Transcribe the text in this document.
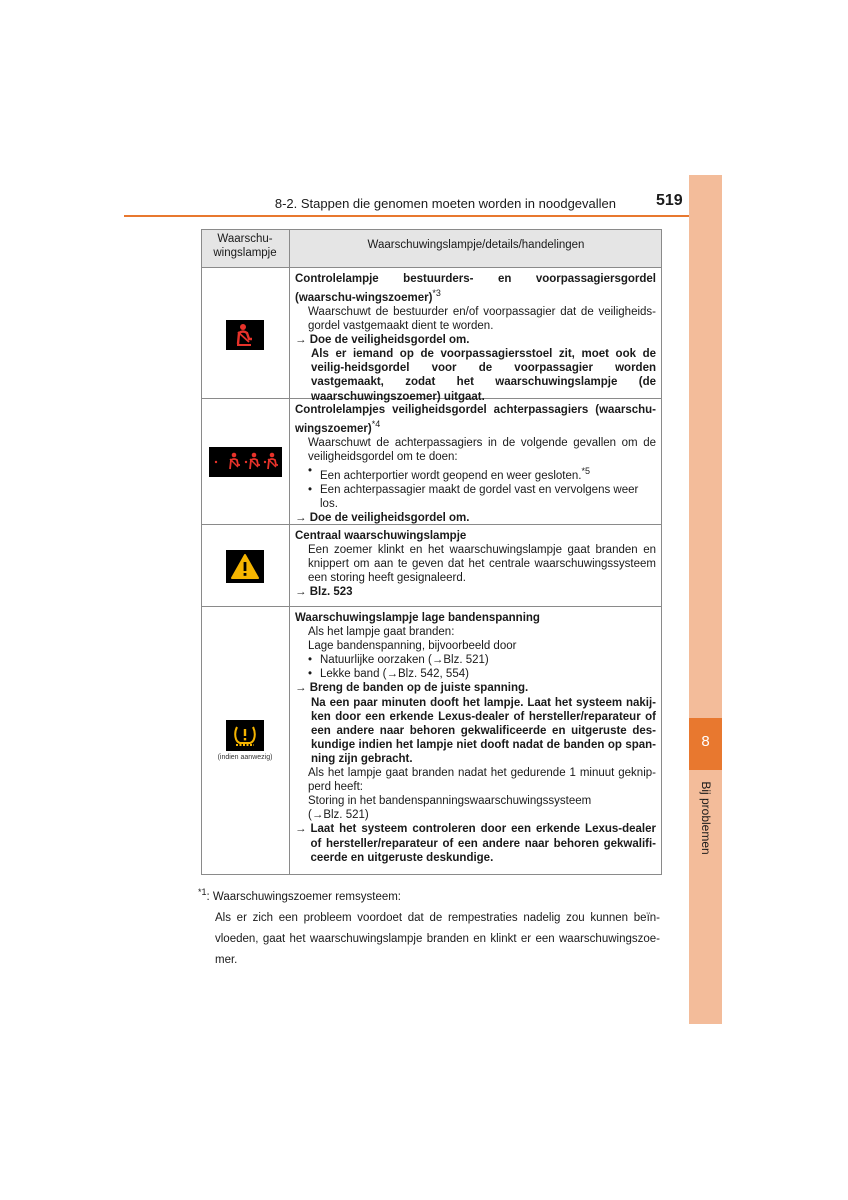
8-2. Stappen die genomen moeten worden in noodgevallen	519
8
Bij problemen
Waarschu-
wingslampje
Waarschuwingslampje/details/handelingen
(indien aanwezig)
Controlelampje bestuurders- en voorpassagiersgordel (waarschu-wingszoemer)$^{*3}$
Waarschuwt de bestuurder en/of voorpassagier dat de veiligheids-gordel vastgemaakt dient te worden.
→ Doe de veiligheidsgordel om.
Als er iemand op de voorpassagiersstoel zit, moet ook de veilig-heidsgordel voor de voorpassagier worden vastgemaakt, zodat het waarschuwingslampje (de waarschuwingszoemer) uitgaat.
Controlelampjes veiligheidsgordel achterpassagiers (waarschu-wingszoemer)$^{*4}$
Waarschuwt de achterpassagiers in de volgende gevallen om de veiligheidsgordel om te doen:
• Een achterportier wordt geopend en weer gesloten.$^{*5}$
• Een achterpassagier maakt de gordel vast en vervolgens weer los.
→ Doe de veiligheidsgordel om.
Centraal waarschuwingslampje
Een zoemer klinkt en het waarschuwingslampje gaat branden en knippert om aan te geven dat het centrale waarschuwingssysteem een storing heeft gesignaleerd.
→ Blz. 523
Waarschuwingslampje lage bandenspanning
Als het lampje gaat branden:
Lage bandenspanning, bijvoorbeeld door
• Natuurlijke oorzaken (→Blz. 521)
• Lekke band (→Blz. 542, 554)
→ Breng de banden op de juiste spanning.
Na een paar minuten dooft het lampje. Laat het systeem nakij-ken door een erkende Lexus-dealer of hersteller/reparateur of een andere naar behoren gekwalificeerde en uitgeruste des-kundige indien het lampje niet dooft nadat de banden op span-ning zijn gebracht.
Als het lampje gaat branden nadat het gedurende 1 minuut geknip-perd heeft:
Storing in het bandenspanningswaarschuwingssysteem
(→Blz. 521)
→ Laat het systeem controleren door een erkende Lexus-dealer of hersteller/reparateur of een andere naar behoren gekwalifi-ceerde en uitgeruste deskundige.
$^{*1}$: Waarschuwingszoemer remsysteem:
Als er zich een probleem voordoet dat de rempestraties nadelig zou kunnen beïn-vloeden, gaat het waarschuwingslampje branden en klinkt er een waarschuwingszoe-mer.
